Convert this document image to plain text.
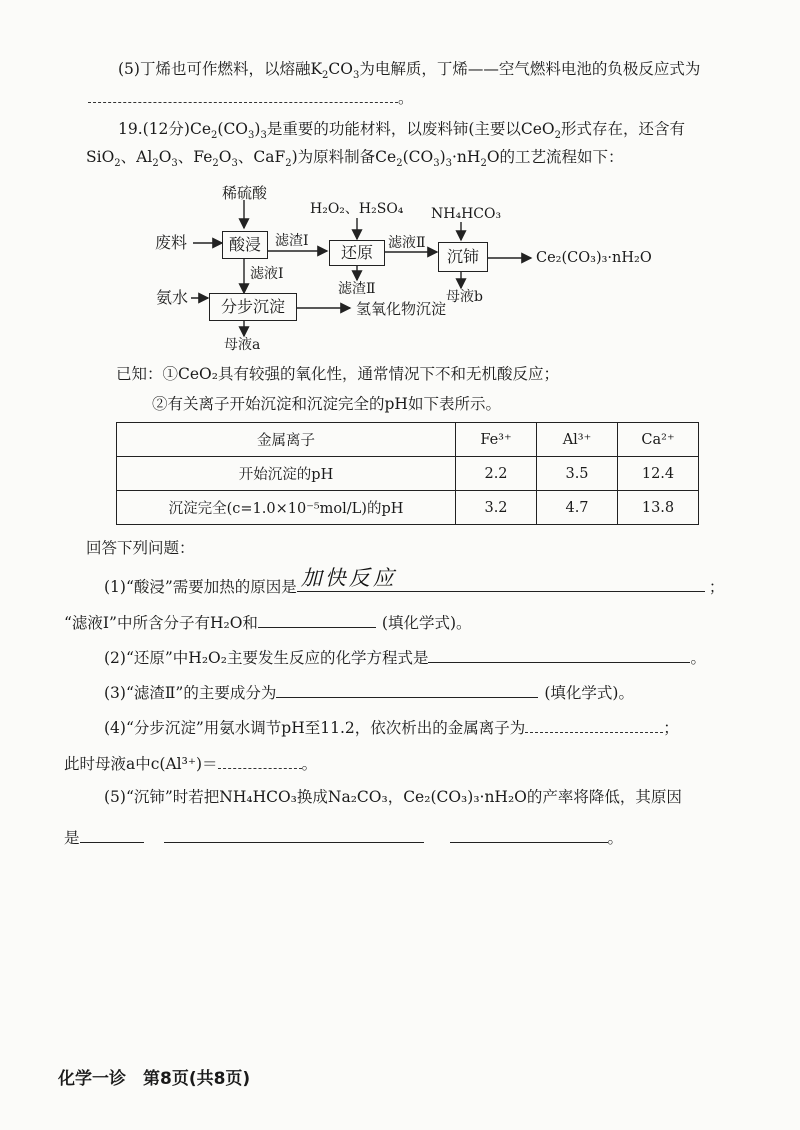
(5)丁烯也可作燃料，以熔融$K_2CO_3$为电解质，丁烯——空气燃料电池的负极反应式为
。
19.(12分)$Ce_2(CO_3)_3$是重要的功能材料，以废料铈(主要以CeO$_2$形式存在，还含有
SiO$_2$、$Al_2O_3$、$Fe_2O_3$、CaF$_2$)为原料制备$Ce_2(CO_3)_3\cdot nH_2O$的工艺流程如下：
稀硫酸
废料	酸浸	滤渣Ⅰ
滤液Ⅰ
H₂O₂、H₂SO₄
还原
滤渣Ⅱ
滤液Ⅱ
NH₄HCO₃
沉铈
母液b
Ce₂(CO₃)₃·nH₂O
氨水	分步沉淀	氢氧化物沉淀
母液a
已知：①CeO₂具有较强的氧化性，通常情况下不和无机酸反应；
②有关离子开始沉淀和沉淀完全的pH如下表所示。
金属离子	Fe³⁺	Al³⁺	Ca²⁺
开始沉淀的pH	2.2	3.5	12.4
沉淀完全(c=1.0×10⁻⁵mol/L)的pH	3.2	4.7	13.8
回答下列问题：
(1)“酸浸”需要加热的原因是 加快反应	；
“滤液Ⅰ”中所含分子有H₂O和	(填化学式)。
(2)“还原”中H₂O₂主要发生反应的化学方程式是	。
(3)“滤渣Ⅱ”的主要成分为	(填化学式)。
(4)“分步沉淀”用氨水调节pH至11.2，依次析出的金属离子为	；
此时母液a中c(Al³⁺)＝	。
(5)“沉铈”时若把NH₄HCO₃换成Na₂CO₃，Ce₂(CO₃)₃·nH₂O的产率将降低，其原因
是	。
化学一诊　第8页(共8页)
